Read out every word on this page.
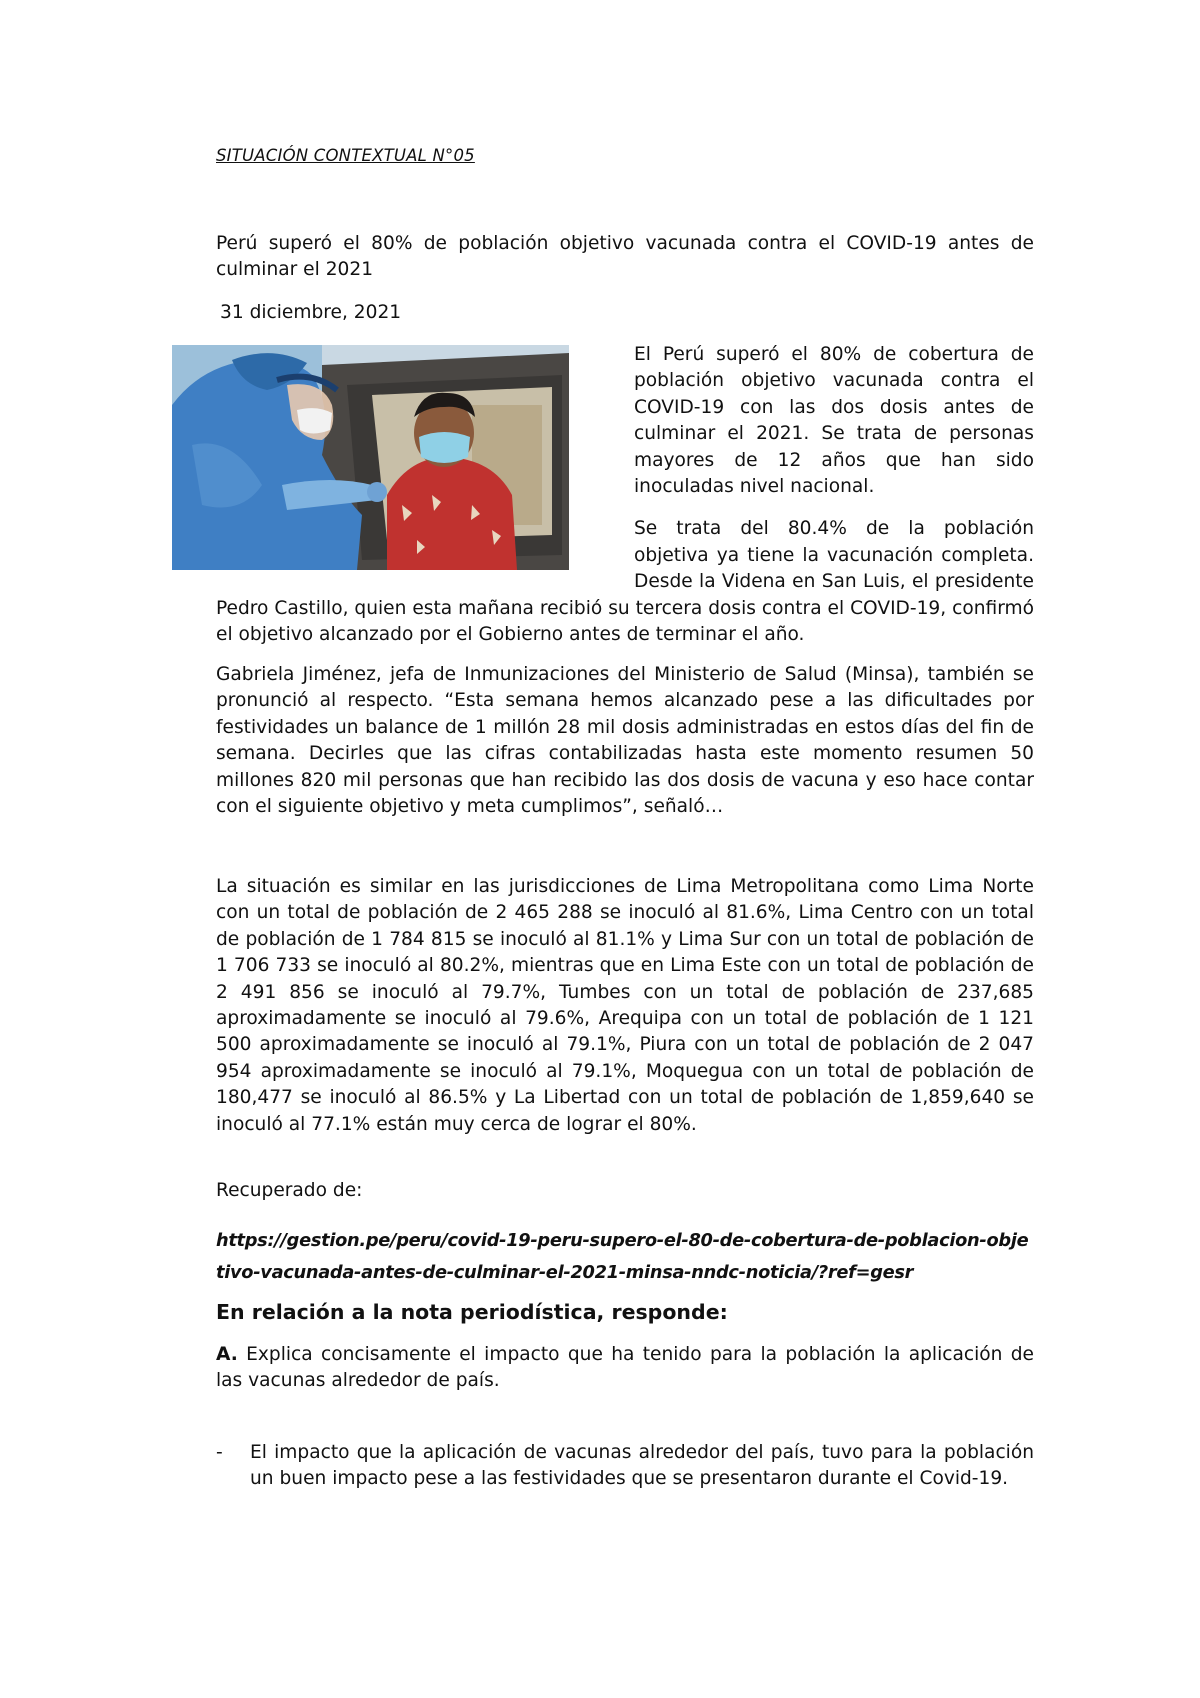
SITUACIÓN CONTEXTUAL N°05

Perú superó el 80% de población objetivo vacunada contra el COVID-19 antes de culminar el 2021

31 diciembre, 2021

El Perú superó el 80% de cobertura de población objetivo vacunada contra el COVID-19 con las dos dosis antes de culminar el 2021. Se trata de personas mayores de 12 años que han sido inoculadas nivel nacional.

Se trata del 80.4% de la población objetiva ya tiene la vacunación completa. Desde la Videna en San Luis, el presidente Pedro Castillo, quien esta mañana recibió su tercera dosis contra el COVID-19, confirmó el objetivo alcanzado por el Gobierno antes de terminar el año.

Gabriela Jiménez, jefa de Inmunizaciones del Ministerio de Salud (Minsa), también se pronunció al respecto. “Esta semana hemos alcanzado pese a las dificultades por festividades un balance de 1 millón 28 mil dosis administradas en estos días del fin de semana. Decirles que las cifras contabilizadas hasta este momento resumen 50 millones 820 mil personas que han recibido las dos dosis de vacuna y eso hace contar con el siguiente objetivo y meta cumplimos”, señaló…

La situación es similar en las jurisdicciones de Lima Metropolitana como Lima Norte con un total de población de 2 465 288 se inoculó al 81.6%, Lima Centro con un total de población de 1 784 815 se inoculó al 81.1% y Lima Sur con un total de población de 1 706 733 se inoculó al 80.2%, mientras que en Lima Este con un total de población de 2 491 856 se inoculó al 79.7%, Tumbes con un total de población de 237,685 aproximadamente se inoculó al 79.6%, Arequipa con un total de población de 1 121 500 aproximadamente se inoculó al 79.1%, Piura con un total de población de 2 047 954 aproximadamente se inoculó al 79.1%, Moquegua con un total de población de 180,477 se inoculó al 86.5% y La Libertad con un total de población de 1,859,640 se inoculó al 77.1% están muy cerca de lograr el 80%.

Recuperado de:

https://gestion.pe/peru/covid-19-peru-supero-el-80-de-cobertura-de-poblacion-objetivo-vacunada-antes-de-culminar-el-2021-minsa-nndc-noticia/?ref=gesr

En relación a la nota periodística, responde:

A. Explica concisamente el impacto que ha tenido para la población la aplicación de las vacunas alrededor de país.

- El impacto que la aplicación de vacunas alrededor del país, tuvo para la población un buen impacto pese a las festividades que se presentaron durante el Covid-19.
